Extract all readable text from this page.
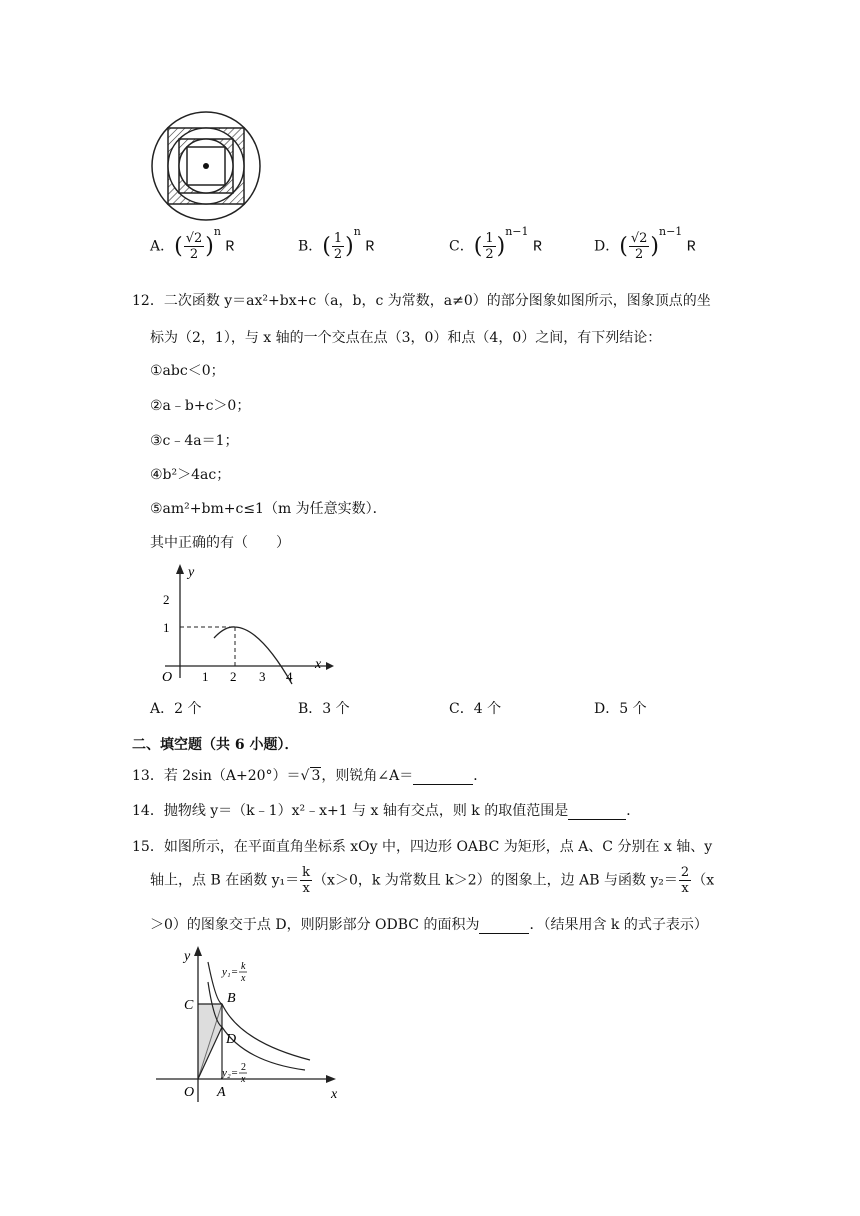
A．( $\frac{√2}{2} )^n$ R	B．( $\frac{1}{2} )^n$ R	C．( $\frac{1}{2} )^{n-1}$ R	D．( $\frac{√2}{2} )^{n-1}$ R
12．二次函数 y＝ax²+bx+c（a，b，c 为常数，a≠0）的部分图象如图所示，图象顶点的坐
标为（2，1），与 x 轴的一个交点在点（3，0）和点（4，0）之间，有下列结论：
①abc＜0；
②a﹣b+c＞0；
③c﹣4a＝1；
④b²＞4ac；
⑤am²+bm+c≤1（m 为任意实数）．
其中正确的有（　　）
y
x
O
2
1
1 2 3 4
A．2 个	B．3 个	C．4 个	D．5 个
二、填空题（共 6 小题）．
13．若 2sin（A+20°）＝√ 3，则锐角∠A＝	．
14．抛物线 y＝（k﹣1）x²﹣x+1 与 x 轴有交点，则 k 的取值范围是	．
15．如图所示，在平面直角坐标系 xOy 中，四边形 OABC 为矩形，点 A、C 分别在 x 轴、y
轴上，点 B 在函数 $y_1= \frac{k}{x} (x>0$，k 为常数且 k＞2）的图象上，边 AB 与函数 $y_2= \frac{2}{x} (x$
＞0）的图象交于点 D，则阴影部分 ODBC 的面积为	．（结果用含 k 的式子表示）
y
x
O A
C B
D
y₁= k
x
y₂= 2
x
